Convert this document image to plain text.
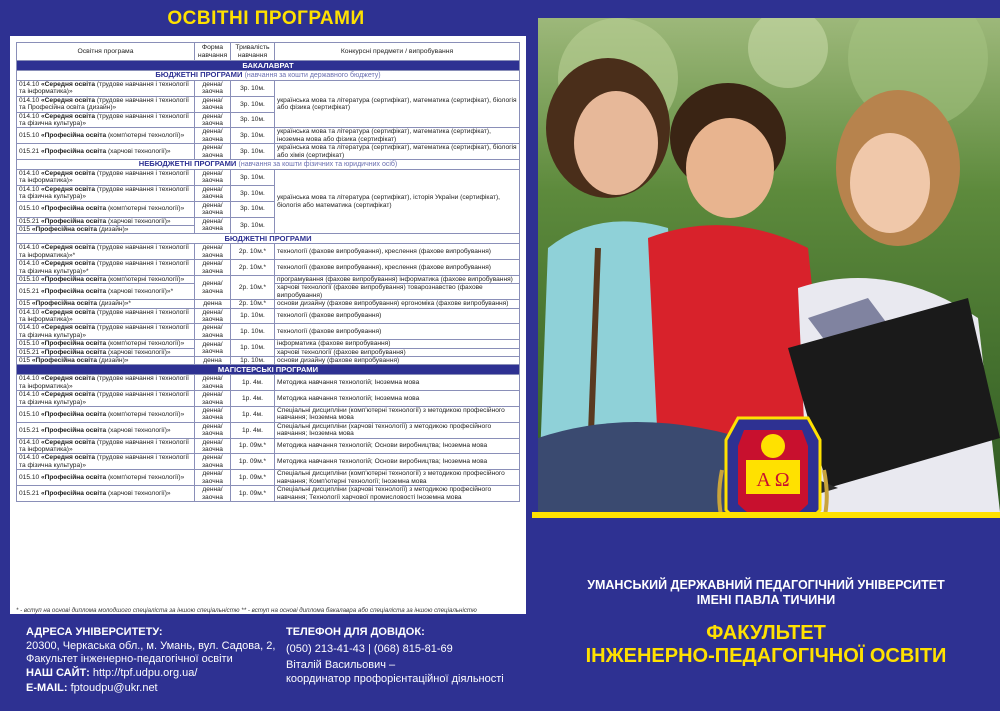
ОСВІТНІ ПРОГРАМИ
Освітня програма	Форма навчання	Тривалість навчання	Конкурсні предмети / випробування
БАКАЛАВРАТ			
БЮДЖЕТНІ ПРОГРАМИ (навчання за кошти державного бюджету)			
014.10 «Середня освіта (трудове навчання і технології та інформатика)»	денна/ заочна	3р. 10м.	українська мова та література (сертифікат), математика (сертифікат), біологія або фізика (сертифікат)
014.10 «Середня освіта (трудове навчання і технології та Професійна освіта (дизайн)»	денна/ заочна	3р. 10м.	
014.10 «Середня освіта (трудове навчання і технології та фізична культура)»	денна/ заочна	3р. 10м.	
015.10 «Професійна освіта (комп'ютерні технології)»	денна/ заочна	3р. 10м.	українська мова та література (сертифікат), математика (сертифікат), іноземна мова або фізика (сертифікат)
015.21 «Професійна освіта (харчові технології)»	денна/ заочна	3р. 10м.	українська мова та література (сертифікат), математика (сертифікат), біологія або хімія (сертифікат)
НЕБЮДЖЕТНІ ПРОГРАМИ (навчання за кошти фізичних та юридичних осіб)			
014.10 «Середня освіта (трудове навчання і технології та інформатика)»	денна/ заочна	3р. 10м.	українська мова та література (сертифікат), історія України (сертифікат), біологія або математика (сертифікат)
014.10 «Середня освіта (трудове навчання і технології та фізична культура)»	денна/ заочна	3р. 10м.	
015.10 «Професійна освіта (комп'ютерні технології)»	денна/ заочна	3р. 10м.	
015.21 «Професійна освіта (харчові технології)»	денна/ заочна	3р. 10м.	
015 «Професійна освіта (дизайн)»			
БЮДЖЕТНІ ПРОГРАМИ			
014.10 «Середня освіта (трудове навчання і технології та інформатика)»*	денна/ заочна	2р. 10м.*	технології (фахове випробування), креслення (фахове випробування)
014.10 «Середня освіта (трудове навчання і технології та фізична культура)»*	денна/ заочна	2р. 10м.*	технології (фахове випробування), креслення (фахове випробування)
015.10 «Професійна освіта (комп'ютерні технології)»	денна/ заочна	2р. 10м.*	програмування (фахове випробування) інформатика (фахове випробування)
015.21 «Професійна освіта (харчові технології)»*			харчові технології (фахове випробування) товарознавство (фахове випробування)
015 «Професійна освіта (дизайн)»*	денна	2р. 10м.*	основи дизайну (фахове випробування) ергономіка (фахове випробування)
014.10 «Середня освіта (трудове навчання і технології та інформатика)»	денна/ заочна	1р. 10м.	технології (фахове випробування)
014.10 «Середня освіта (трудове навчання і технології та фізична культура)»	денна/ заочна	1р. 10м.	технології (фахове випробування)
015.10 «Професійна освіта (комп'ютерні технології)»	денна/ заочна	1р. 10м.	інформатика (фахове випробування)
015.21 «Професійна освіта (харчові технології)»			харчові технології (фахове випробування)
015 «Професійна освіта (дизайн)»	денна	1р. 10м.	основи дизайну (фахове випробування)
МАГІСТЕРСЬКІ ПРОГРАМИ			
014.10 «Середня освіта (трудове навчання і технології та інформатика)»	денна/ заочна	1р. 4м.	Методика навчання технологій; Іноземна мова
014.10 «Середня освіта (трудове навчання і технології та фізична культура)»	денна/ заочна	1р. 4м.	Методика навчання технологій; Іноземна мова
015.10 «Професійна освіта (комп'ютерні технології)»	денна/ заочна	1р. 4м.	Спеціальні дисципліни (комп'ютерні технології) з методикою професійного навчання; Іноземна мова
015.21 «Професійна освіта (харчові технології)»	денна/ заочна	1р. 4м.	Спеціальні дисципліни (харчові технології) з методикою професійного навчання; Іноземна мова
014.10 «Середня освіта (трудове навчання і технології та інформатика)»	денна/ заочна	1р. 09м.*	Методика навчання технологій; Основи виробництва; Іноземна мова
014.10 «Середня освіта (трудове навчання і технології та фізична культура)»	денна/ заочна	1р. 09м.*	Методика навчання технологій; Основи виробництва; Іноземна мова
015.10 «Професійна освіта (комп'ютерні технології)»	денна/ заочна	1р. 09м.*	Спеціальні дисципліни (комп'ютерні технології) з методикою професійного навчання; Комп'ютерні технології; Іноземна мова
015.21 «Професійна освіта (харчові технології)»	денна/ заочна	1р. 09м.*	Спеціальні дисципліни (харчові технології) з методикою професійного навчання; Технології харчової промисловості Іноземна мова
* - вступ на основі диплома молодшого спеціаліста за іншою спеціальністю ** - вступ на основі диплома бакалавра або спеціаліста за іншою спеціальністю
АДРЕСА УНІВЕРСИТЕТУ:
20300, Черкаська обл., м. Умань, вул. Садова, 2, Факультет інженерно-педагогічної освіти
НАШ САЙТ: http://tpf.udpu.org.ua/
E-MAIL: fptoudpu@ukr.net
ТЕЛЕФОН ДЛЯ ДОВІДОК:
(050) 213-41-43 | (068) 815-81-69
Віталій Васильович –
координатор профорієнтаційної діяльності
A Ω
УМАНСЬКИЙ ДЕРЖАВНИЙ ПЕДАГОГІЧНИЙ УНІВЕРСИТЕТ
ІМЕНІ ПАВЛА ТИЧИНИ
ФАКУЛЬТЕТ
ІНЖЕНЕРНО-ПЕДАГОГІЧНОЇ ОСВІТИ
